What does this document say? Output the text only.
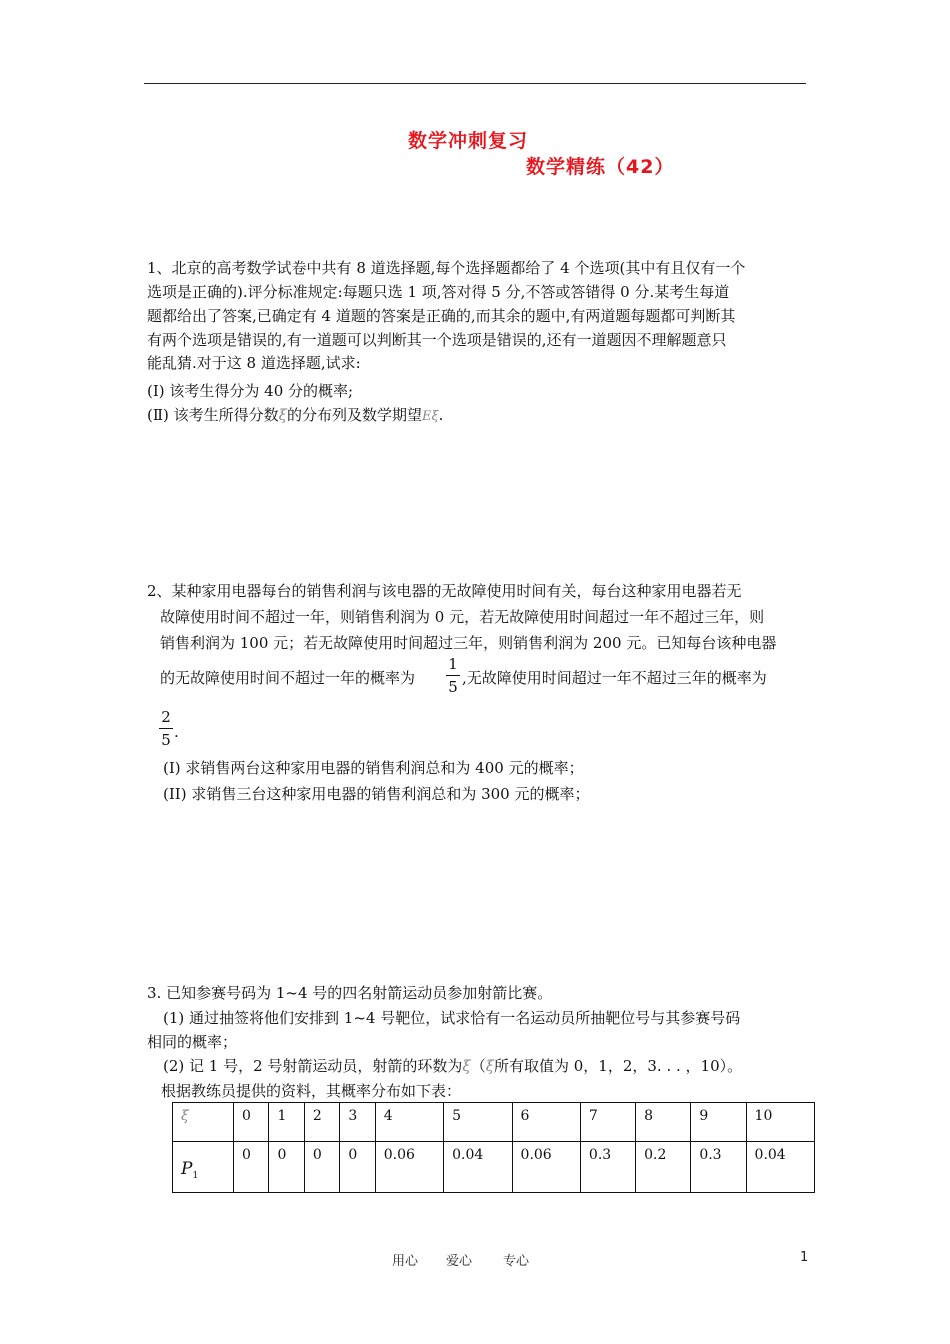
数学冲刺复习
数学精练（42）
1、北京的高考数学试卷中共有 8 道选择题,每个选择题都给了 4 个选项(其中有且仅有一个
选项是正确的).评分标准规定:每题只选 1 项,答对得 5 分,不答或答错得 0 分.某考生每道
题都给出了答案,已确定有 4 道题的答案是正确的,而其余的题中,有两道题每题都可判断其
有两个选项是错误的,有一道题可以判断其一个选项是错误的,还有一道题因不理解题意只
能乱猜.对于这 8 道选择题,试求:
(Ⅰ) 该考生得分为 40 分的概率;
(Ⅱ) 该考生所得分数ξ的分布列及数学期望Eξ.
2、某种家用电器每台的销售利润与该电器的无故障使用时间有关，每台这种家用电器若无
故障使用时间不超过一年，则销售利润为 0 元，若无故障使用时间超过一年不超过三年，则
销售利润为 100 元；若无故障使用时间超过三年，则销售利润为 200 元。已知每台该种电器
的无故障使用时间不超过一年的概率为
1
5 ,无故障使用时间超过一年不超过三年的概率为
2
5 .
(I) 求销售两台这种家用电器的销售利润总和为 400 元的概率；
(II) 求销售三台这种家用电器的销售利润总和为 300 元的概率；
3. 已知参赛号码为 1~4 号的四名射箭运动员参加射箭比赛。
(1) 通过抽签将他们安排到 1~4 号靶位，试求恰有一名运动员所抽靶位号与其参赛号码
相同的概率；
(2) 记 1 号，2 号射箭运动员，射箭的环数为ξ（ξ所有取值为 0，1，2，3. . . ，10）。
根据教练员提供的资料，其概率分布如下表：
ξ	0	1	2	3	4	5	6	7	8	9	10
$P_1$	0	0	0	0	0.06	0.04	0.06	0.3	0.2	0.3	0.04
用心 爱心 专心	1
